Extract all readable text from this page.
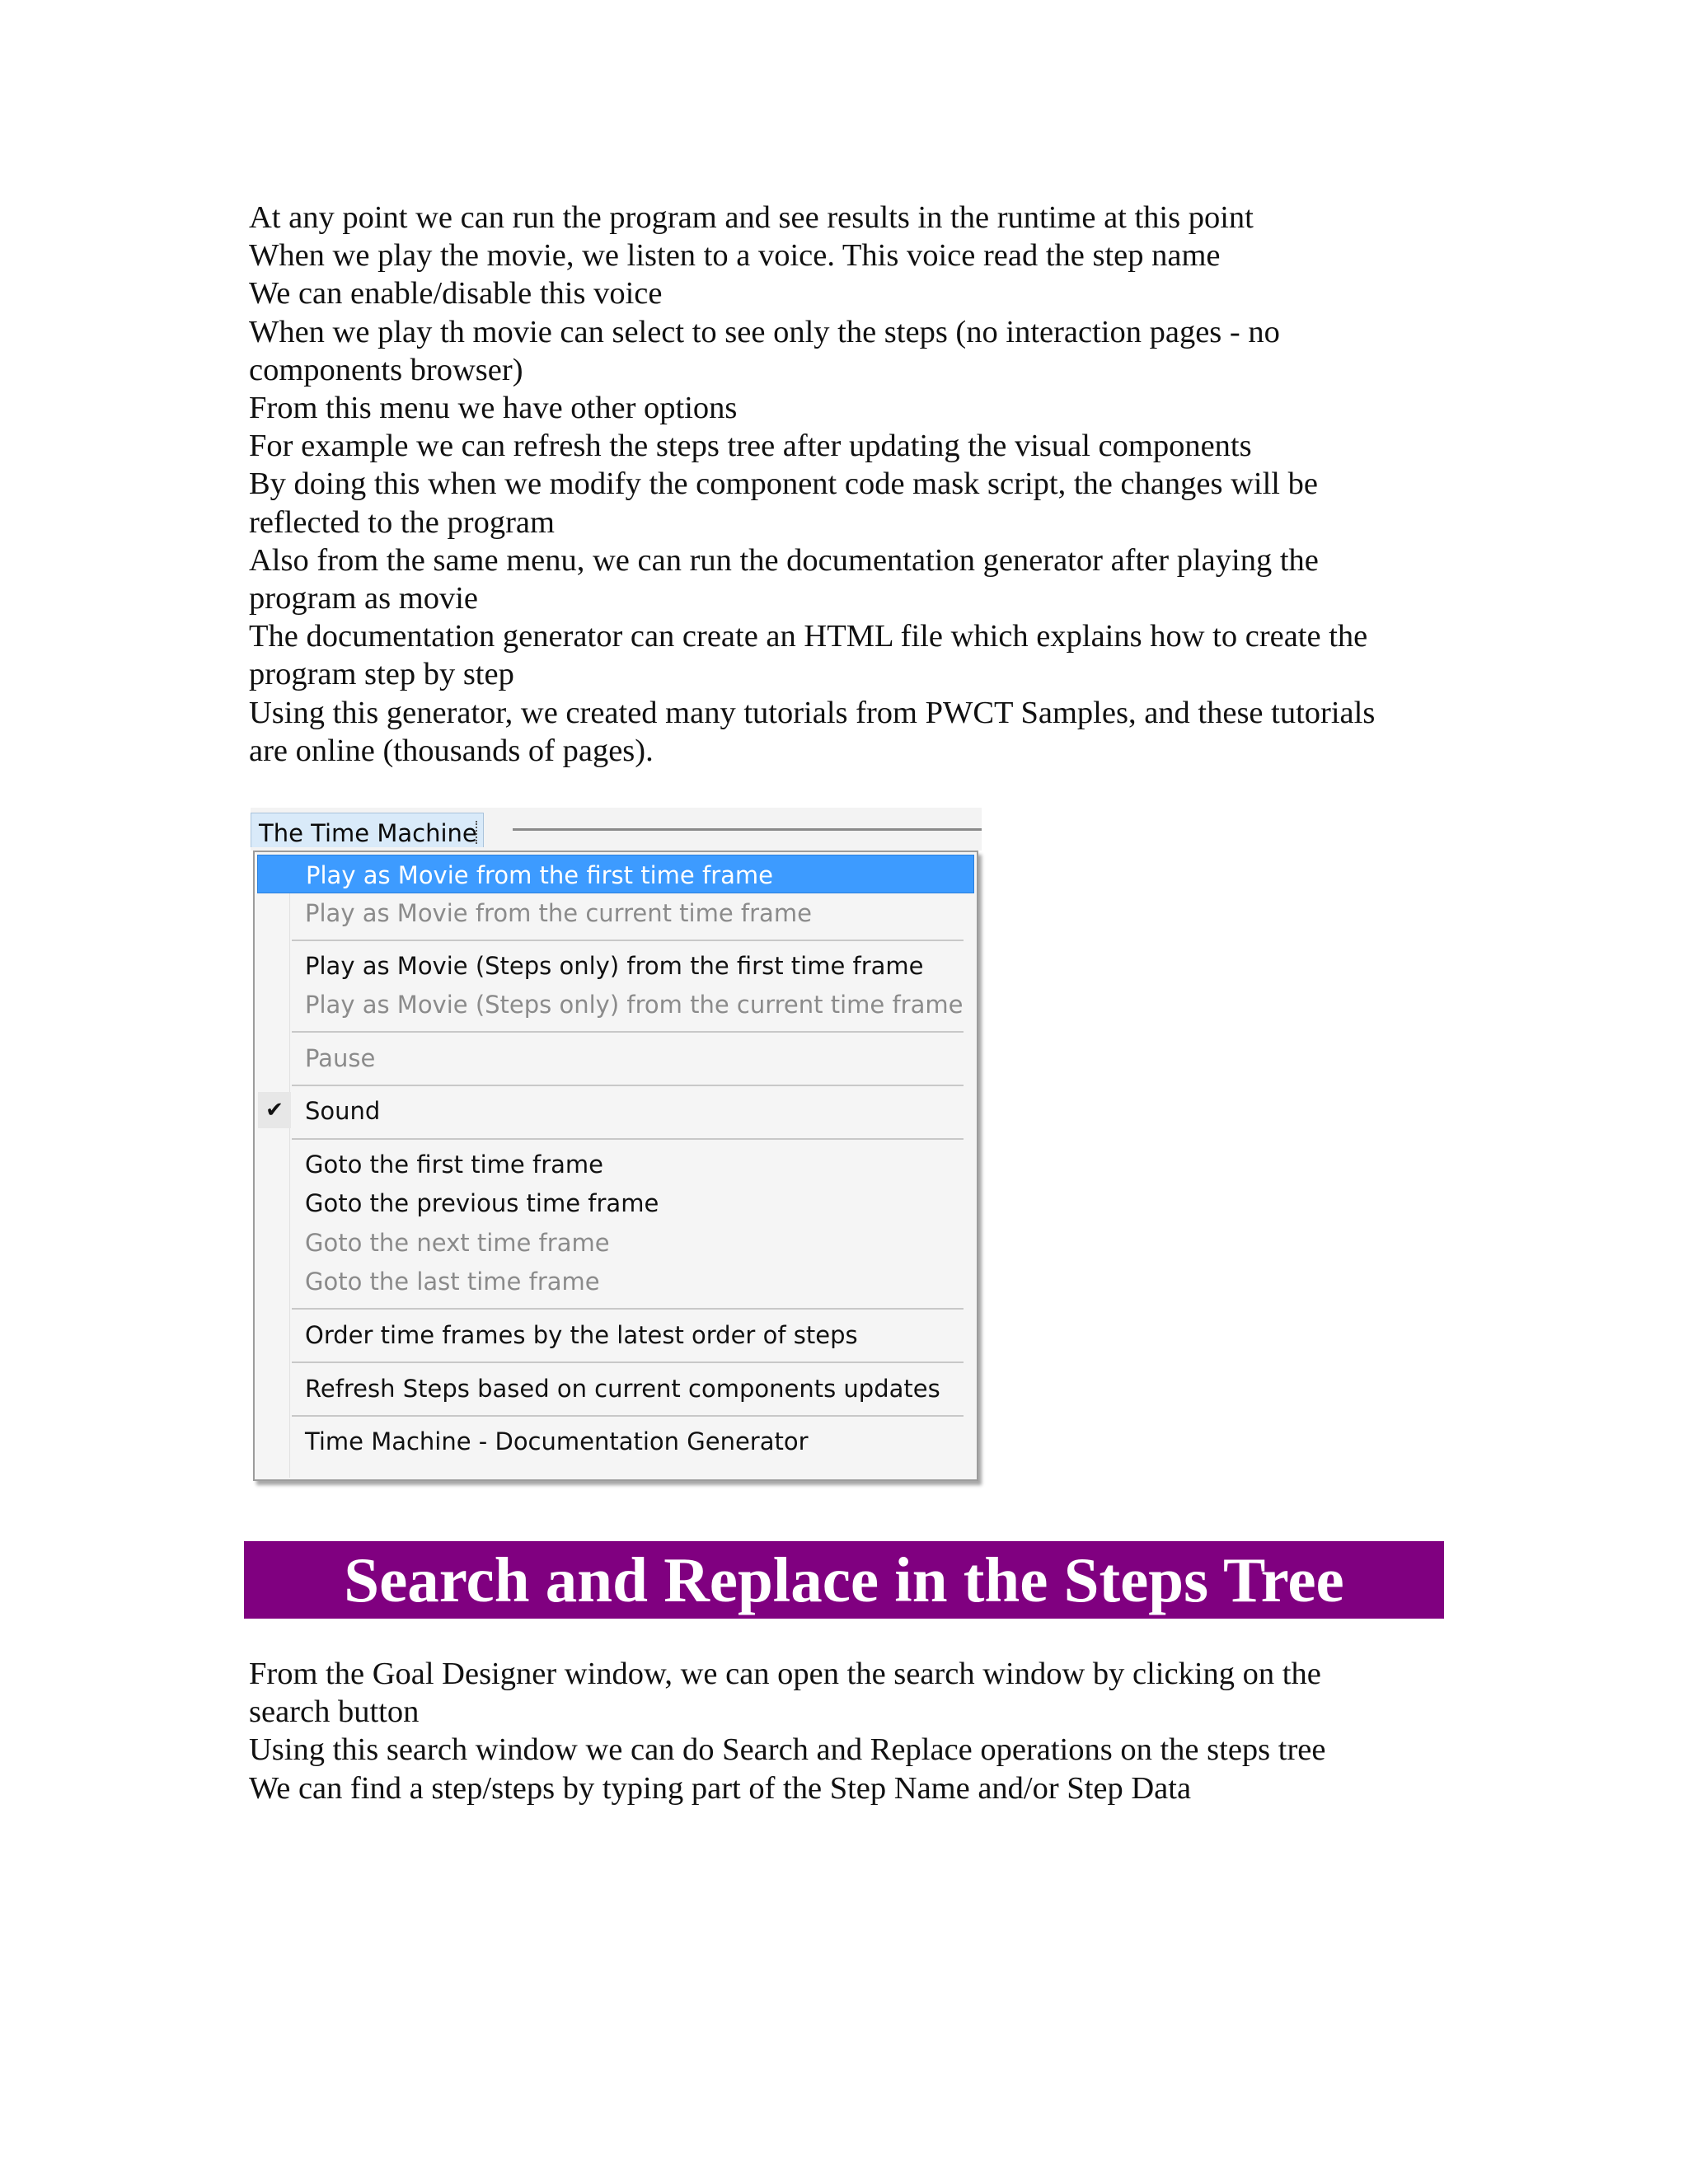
At any point we can run the program and see results in the runtime at this point
When we play the movie, we listen to a voice. This voice read the step name
We can enable/disable this voice
When we play th movie can select to see only the steps (no interaction pages - no
components browser)
From this menu we have other options
For example we can refresh the steps tree after updating the visual components
By doing this when we modify the component code mask script, the changes will be
reflected to the program
Also from the same menu, we can run the documentation generator after playing the
program as movie
The documentation generator can create an HTML file which explains how to create the
program step by step
Using this generator, we created many tutorials from PWCT Samples, and these tutorials
are online (thousands of pages).
The Time Machine
Play as Movie from the first time frame
Play as Movie from the current time frame
Play as Movie (Steps only) from the first time frame
Play as Movie (Steps only) from the current time frame
Pause
✔ Sound
Goto the first time frame
Goto the previous time frame
Goto the next time frame
Goto the last time frame
Order time frames by the latest order of steps
Refresh Steps based on current components updates
Time Machine - Documentation Generator
Search and Replace in the Steps Tree
From the Goal Designer window, we can open the search window by clicking on the
search button
Using this search window we can do Search and Replace operations on the steps tree
We can find a step/steps by typing part of the Step Name and/or Step Data
